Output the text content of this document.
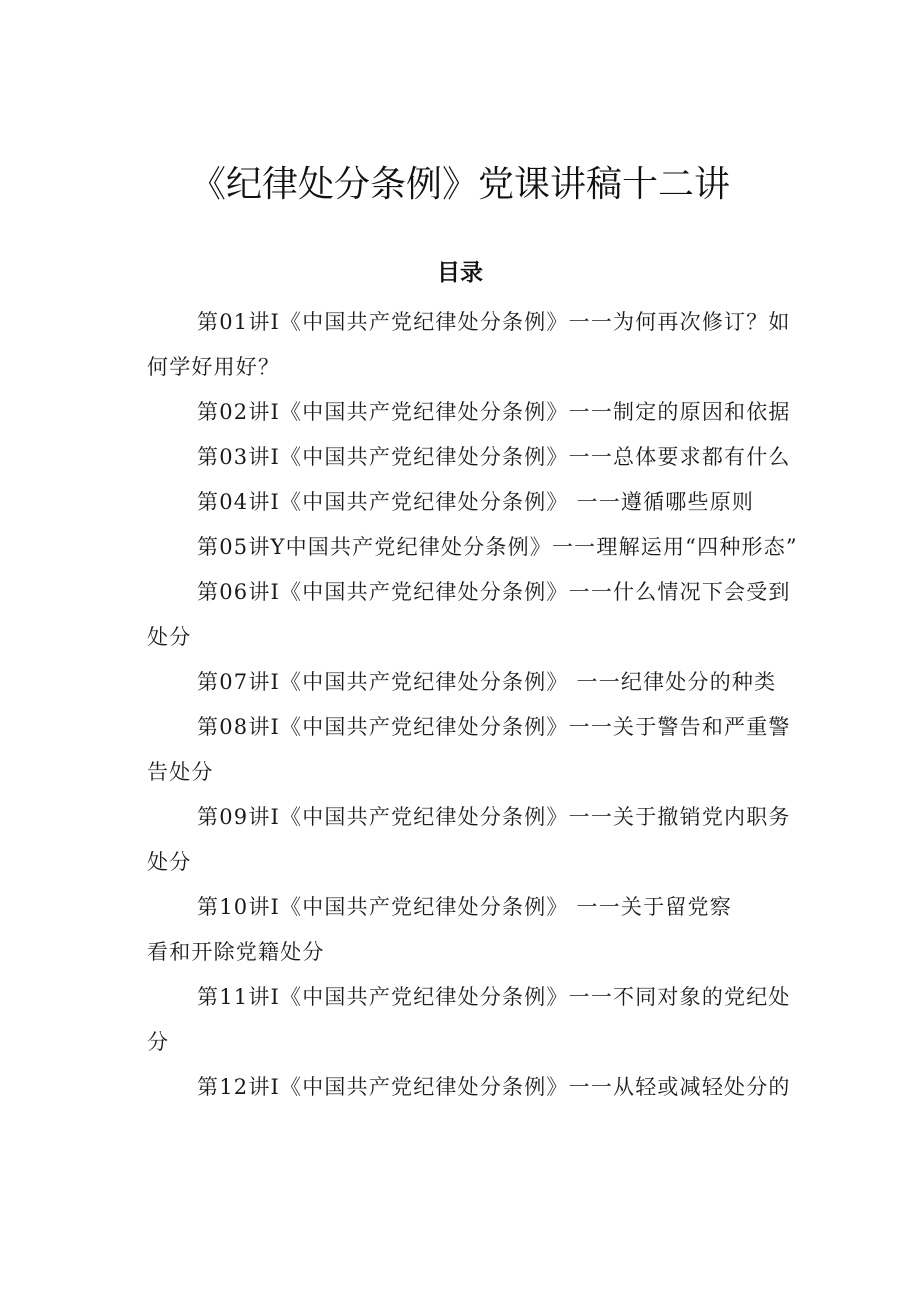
《纪律处分条例》党课讲稿十二讲
目录
第01讲I《中国共产党纪律处分条例》一一为何再次修订？如
何学好用好？
第02讲I《中国共产党纪律处分条例》一一制定的原因和依据
第03讲I《中国共产党纪律处分条例》一一总体要求都有什么
第04讲I《中国共产党纪律处分条例》 一一遵循哪些原则
第05讲Y中国共产党纪律处分条例》一一理解运用“四种形态”
第06讲I《中国共产党纪律处分条例》一一什么情况下会受到
处分
第07讲I《中国共产党纪律处分条例》 一一纪律处分的种类
第08讲I《中国共产党纪律处分条例》一一关于警告和严重警
告处分
第09讲I《中国共产党纪律处分条例》一一关于撤销党内职务
处分
第10讲I《中国共产党纪律处分条例》 一一关于留党察
看和开除党籍处分
第11讲I《中国共产党纪律处分条例》一一不同对象的党纪处
分
第12讲I《中国共产党纪律处分条例》一一从轻或减轻处分的
